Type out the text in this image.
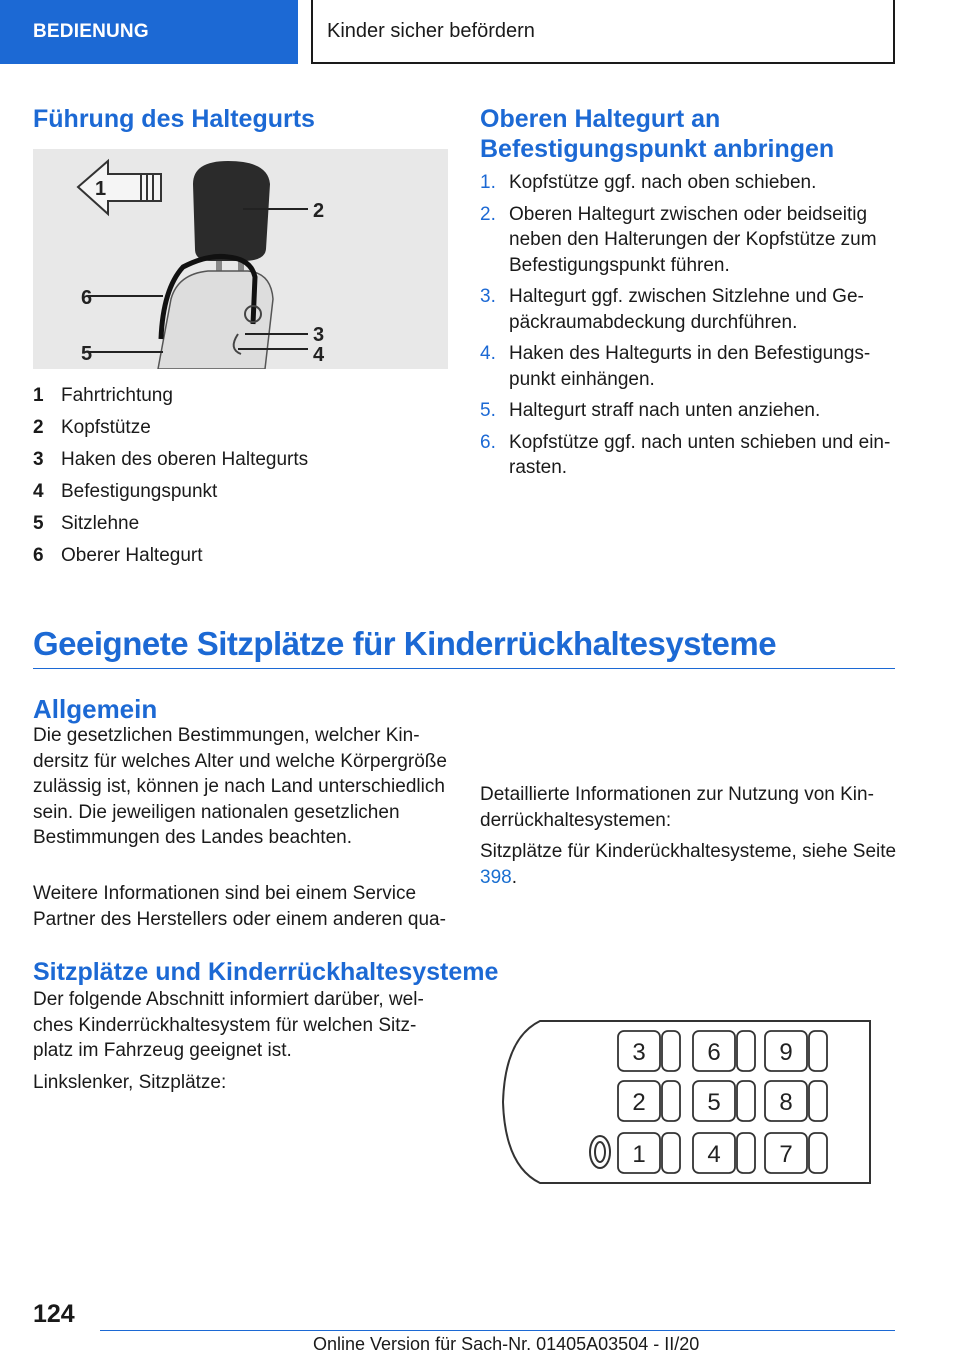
BEDIENUNG	Kinder sicher befördern
Führung des Haltegurts
1
2
3
4
5
6
1 Fahrtrichtung
2 Kopfstütze
3 Haken des oberen Haltegurts
4 Befestigungspunkt
5 Sitzlehne
6 Oberer Haltegurt
Oberen Haltegurt an
Befestigungspunkt anbringen
1. Kopfstütze ggf. nach oben schieben.
2. Oberen Haltegurt zwischen oder beidseitig neben den Halterungen der Kopfstütze zum Befestigungspunkt führen.
3. Haltegurt ggf. zwischen Sitzlehne und Gepäckraumabdeckung durchführen.
4. Haken des Haltegurts in den Befestigungspunkt einhängen.
5. Haltegurt straff nach unten anziehen.
6. Kopfstütze ggf. nach unten schieben und einrasten.
Geeignete Sitzplätze für Kinderrückhaltesysteme
Allgemein

Die gesetzlichen Bestimmungen, welcher Kindersitz für welches Alter und welche Körpergröße zulässig ist, können je nach Land unterschiedlich sein. Die jeweiligen nationalen gesetzlichen Bestimmungen des Landes beachten.

Weitere Informationen sind bei einem Service Partner des Herstellers oder einem anderen qua

Detaillierte Informationen zur Nutzung von Kinderrückhaltesystemen:

Sitzplätze für Kinderückhaltesysteme, siehe Seite 398.

Sitzplätze und Kinderrückhaltesysteme

Der folgende Abschnitt informiert darüber, welches Kinderrückhaltesystem für welchen Sitzplatz im Fahrzeug geeignet ist.

Linkslenker, Sitzplätze:

3	6 9
2	5 8
1	4 7
124
Online Version für Sach-Nr. 01405A03504 - II/20
